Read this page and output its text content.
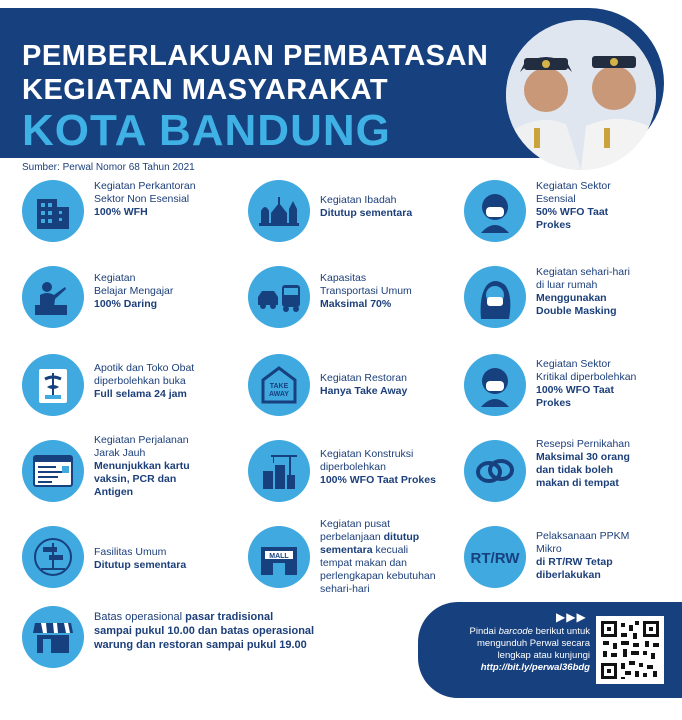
PEMBERLAKUAN PEMBATASAN
KEGIATAN MASYARAKAT
KOTA BANDUNG
Sumber: Perwal Nomor 68 Tahun 2021
Kegiatan Perkantoran
Sektor Non Esensial
100% WFH
Kegiatan Ibadah
Ditutup sementara
Kegiatan Sektor
Esensial
50% WFO Taat
Prokes
Kegiatan
Belajar Mengajar
100% Daring
Kapasitas
Transportasi Umum
Maksimal 70%
Kegiatan sehari-hari
di luar rumah
Menggunakan
Double Masking
Apotik dan Toko Obat
diperbolehkan buka
Full selama 24 jam
TAKE
AWAY
Kegiatan Restoran
Hanya Take Away
Kegiatan Sektor
Kritikal diperbolehkan
100% WFO Taat
Prokes
Kegiatan Perjalanan
Jarak Jauh
Menunjukkan kartu
vaksin, PCR dan
Antigen
Kegiatan Konstruksi
diperbolehkan
100% WFO Taat Prokes
Resepsi Pernikahan
Maksimal 30 orang
dan tidak boleh
makan di tempat
Fasilitas Umum
Ditutup sementara
MALL
Kegiatan pusat
perbelanjaan ditutup
sementara kecuali
tempat makan dan
perlengkapan kebutuhan
sehari-hari
RT/RW
Pelaksanaan PPKM
Mikro
di RT/RW Tetap
diberlakukan
Batas operasional pasar tradisional
sampai pukul 10.00 dan batas operasional
warung dan restoran sampai pukul 19.00
▶▶▶
Pindai barcode berikut untuk
mengunduh Perwal secara
lengkap atau kunjungi
http://bit.ly/perwal36bdg
